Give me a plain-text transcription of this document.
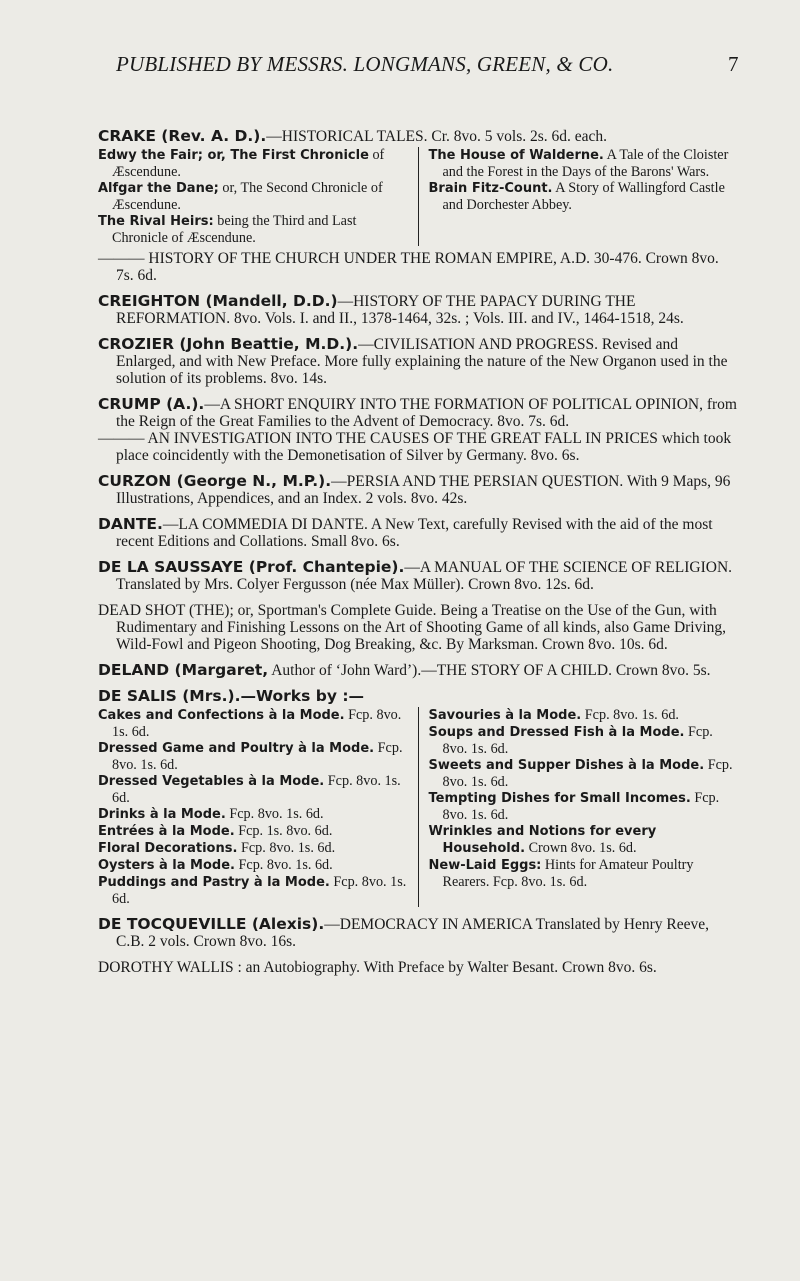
PUBLISHED BY MESSRS. LONGMANS, GREEN, & CO.	7

CRAKE (Rev. A. D.).—HISTORICAL TALES. Cr. 8vo. 5 vols. 2s. 6d. each.

Edwy the Fair; or, The First Chronicle of Æscendune.

Alfgar the Dane; or, The Second Chronicle of Æscendune.

The Rival Heirs: being the Third and Last Chronicle of Æscendune.

The House of Walderne. A Tale of the Cloister and the Forest in the Days of the Barons' Wars.

Brain Fitz-Count. A Story of Wallingford Castle and Dorchester Abbey.

——— HISTORY OF THE CHURCH UNDER THE ROMAN EMPIRE, A.D. 30-476. Crown 8vo. 7s. 6d.

CREIGHTON (Mandell, D.D.)—HISTORY OF THE PAPACY DURING THE REFORMATION. 8vo. Vols. I. and II., 1378-1464, 32s. ; Vols. III. and IV., 1464-1518, 24s.

CROZIER (John Beattie, M.D.).—CIVILISATION AND PROGRESS. Revised and Enlarged, and with New Preface. More fully explaining the nature of the New Organon used in the solution of its problems. 8vo. 14s.

CRUMP (A.).—A SHORT ENQUIRY INTO THE FORMATION OF POLITICAL OPINION, from the Reign of the Great Families to the Advent of Democracy. 8vo. 7s. 6d.

——— AN INVESTIGATION INTO THE CAUSES OF THE GREAT FALL IN PRICES which took place coincidently with the Demonetisation of Silver by Germany. 8vo. 6s.

CURZON (George N., M.P.).—PERSIA AND THE PERSIAN QUESTION. With 9 Maps, 96 Illustrations, Appendices, and an Index. 2 vols. 8vo. 42s.

DANTE.—LA COMMEDIA DI DANTE. A New Text, carefully Revised with the aid of the most recent Editions and Collations. Small 8vo. 6s.

DE LA SAUSSAYE (Prof. Chantepie).—A MANUAL OF THE SCIENCE OF RELIGION. Translated by Mrs. Colyer Fergusson (née Max Müller). Crown 8vo. 12s. 6d.

DEAD SHOT (THE); or, Sportman's Complete Guide. Being a Treatise on the Use of the Gun, with Rudimentary and Finishing Lessons on the Art of Shooting Game of all kinds, also Game Driving, Wild-Fowl and Pigeon Shooting, Dog Breaking, &c. By Marksman. Crown 8vo. 10s. 6d.

DELAND (Margaret, Author of ‘John Ward’).—THE STORY OF A CHILD. Crown 8vo. 5s.

DE SALIS (Mrs.).—Works by :—

Cakes and Confections à la Mode. Fcp. 8vo. 1s. 6d.

Dressed Game and Poultry à la Mode. Fcp. 8vo. 1s. 6d.

Dressed Vegetables à la Mode. Fcp. 8vo. 1s. 6d.

Drinks à la Mode. Fcp. 8vo. 1s. 6d.

Entrées à la Mode. Fcp. 1s. 8vo. 6d.

Floral Decorations. Fcp. 8vo. 1s. 6d.

Oysters à la Mode. Fcp. 8vo. 1s. 6d.

Puddings and Pastry à la Mode. Fcp. 8vo. 1s. 6d.

Savouries à la Mode. Fcp. 8vo. 1s. 6d.

Soups and Dressed Fish à la Mode. Fcp. 8vo. 1s. 6d.

Sweets and Supper Dishes à la Mode. Fcp. 8vo. 1s. 6d.

Tempting Dishes for Small Incomes. Fcp. 8vo. 1s. 6d.

Wrinkles and Notions for every Household. Crown 8vo. 1s. 6d.

New-Laid Eggs: Hints for Amateur Poultry Rearers. Fcp. 8vo. 1s. 6d.

DE TOCQUEVILLE (Alexis).—DEMOCRACY IN AMERICA Translated by Henry Reeve, C.B. 2 vols. Crown 8vo. 16s.

DOROTHY WALLIS : an Autobiography. With Preface by Walter Besant. Crown 8vo. 6s.
